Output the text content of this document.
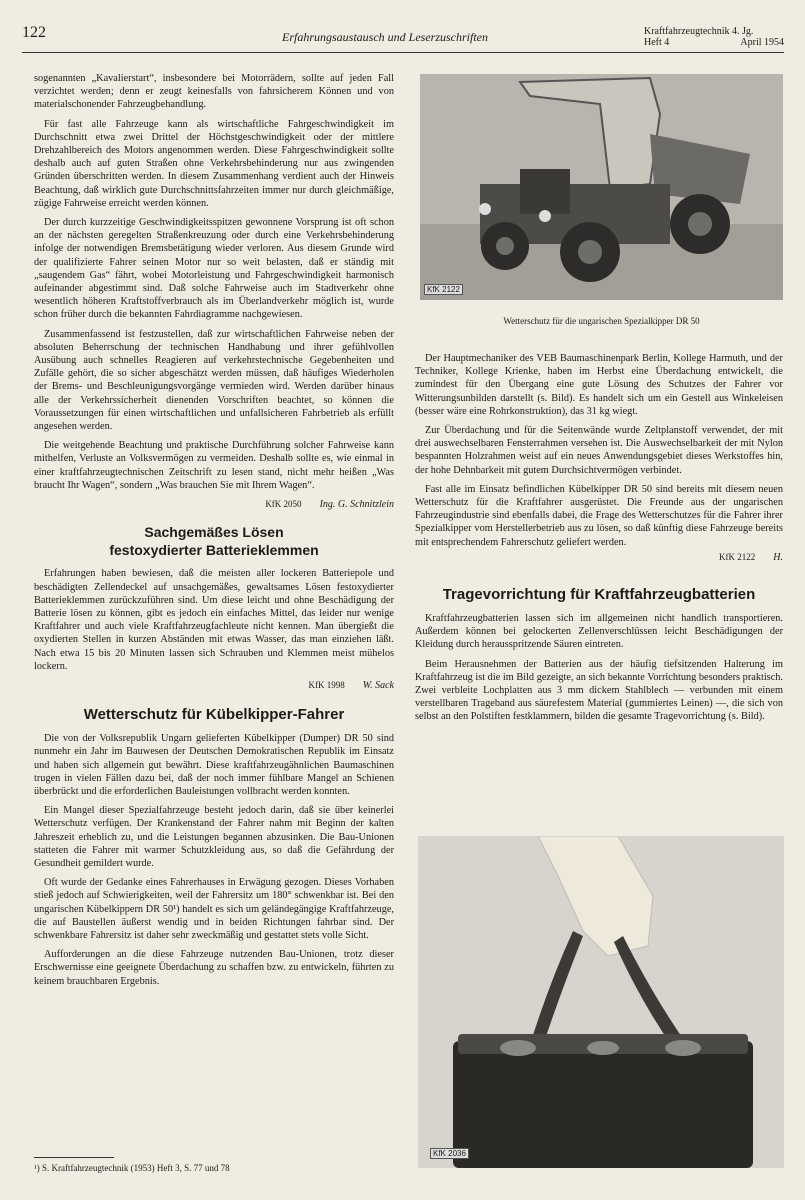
122	Erfahrungsaustausch und Leserzuschriften	Kraftfahrzeugtechnik 4. Jg.
Heft 4	April 1954

sogenannten „Kavalierstart“, insbesondere bei Motorrädern, sollte auf jeden Fall verzichtet werden; denn er zeugt keinesfalls von fahrsicherem Können und von materialschonender Fahrzeugbehandlung.

Für fast alle Fahrzeuge kann als wirtschaftliche Fahrgeschwindigkeit im Durchschnitt etwa zwei Drittel der Höchstgeschwindigkeit oder der mittlere Drehzahlbereich des Motors angenommen werden. Diese Fahrgeschwindigkeit sollte deshalb auch auf guten Straßen ohne Verkehrsbehinderung nur aus zwingenden Gründen überschritten werden. In diesem Zusammenhang verdient auch der Hinweis Beachtung, daß wirklich gute Durchschnittsfahrzeiten immer nur durch gleichmäßige, zügige Fahrweise erreicht werden können.

Der durch kurzzeitige Geschwindigkeitsspitzen gewonnene Vorsprung ist oft schon an der nächsten geregelten Straßenkreuzung oder durch eine Verkehrsbehinderung infolge der notwendigen Bremsbetätigung wieder verloren. Aus diesem Grunde wird der qualifizierte Fahrer seinen Motor nur so weit belasten, daß er ständig mit „saugendem Gas“ fährt, wobei Motorleistung und Fahrgeschwindigkeit harmonisch aufeinander abgestimmt sind. Daß solche Fahrweise auch im Stadtverkehr ohne wesentlich höheren Kraftstoffverbrauch als im Überlandverkehr möglich ist, wurde schon früher durch die bekannten Fahrdiagramme nachgewiesen.

Zusammenfassend ist festzustellen, daß zur wirtschaftlichen Fahrweise neben der absoluten Beherrschung der technischen Handhabung und ihrer gefühlvollen Ausübung auch schnelles Reagieren auf verkehrstechnische Gegebenheiten und Zufälle gehört, die so sicher abgeschätzt werden müssen, daß häufiges Wiederholen der Brems- und Beschleunigungsvorgänge vermieden wird. Werden darüber hinaus alle der Verkehrssicherheit dienenden Vorschriften beachtet, so können die Voraussetzungen für einen wirtschaftlichen und unfallsicheren Fahrbetrieb als erfüllt angesehen werden.

Die weitgehende Beachtung und praktische Durchführung solcher Fahrweise kann mithelfen, Verluste an Volksvermögen zu vermeiden. Deshalb sollte es, wie einmal in einer kraftfahrzeugtechnischen Zeitschrift zu lesen stand, nicht mehr heißen „Was braucht Ihr Wagen“, sondern „Was brauchen Sie mit Ihrem Wagen“.

KfK 2050 Ing. G. Schnitzlein
Sachgemäßes Lösen
festoxydierter Batterieklemmen

Erfahrungen haben bewiesen, daß die meisten aller lockeren Batteriepole und beschädigten Zellendeckel auf unsachgemäßes, gewaltsames Lösen festoxydierter Batterieklemmen zurückzuführen sind. Um diese leicht und ohne Beschädigung der Batterie lösen zu können, gibt es jedoch ein einfaches Mittel, das leider nur wenige Kraftfahrer und auch viele Kraftfahrzeugfachleute nicht kennen. Man übergießt die oxydierten Stellen in kurzen Abständen mit etwas Wasser, das man einziehen läßt. Nach etwa 15 bis 20 Minuten lassen sich Schrauben und Klemmen meist mühelos lockern.

KfK 1998 W. Sack
Wetterschutz für Kübelkipper-Fahrer

Die von der Volksrepublik Ungarn gelieferten Kübelkipper (Dumper) DR 50 sind nunmehr ein Jahr im Bauwesen der Deutschen Demokratischen Republik im Einsatz und haben sich allgemein gut bewährt. Diese kraftfahrzeugähnlichen Baumaschinen trugen in vielen Fällen dazu bei, daß der noch immer fühlbare Mangel an Schienen überbrückt und die erforderlichen Bauleistungen vollbracht werden konnten.

Ein Mangel dieser Spezialfahrzeuge besteht jedoch darin, daß sie über keinerlei Wetterschutz verfügen. Der Krankenstand der Fahrer nahm mit Beginn der kalten Jahreszeit erheblich zu, und die Leistungen begannen abzusinken. Die Bau-Unionen statteten die Fahrer mit warmer Schutzkleidung aus, so daß die Gefährdung der Gesundheit gemildert wurde.

Oft wurde der Gedanke eines Fahrerhauses in Erwägung gezogen. Dieses Vorhaben stieß jedoch auf Schwierigkeiten, weil der Fahrersitz um 180° schwenkbar ist. Bei den ungarischen Kübelkippern DR 50¹) handelt es sich um geländegängige Kraftfahrzeuge, die auf Baustellen äußerst wendig und in beiden Richtungen fahrbar sind. Der schwenkbare Fahrersitz ist daher sehr zweckmäßig und gestattet stets volle Sicht.

Aufforderungen an die diese Fahrzeuge nutzenden Bau-Unionen, trotz dieser Erschwernisse eine geeignete Überdachung zu schaffen bzw. zu entwickeln, führten zu keinem brauchbaren Ergebnis.

¹) S. Kraftfahrzeugtechnik (1953) Heft 3, S. 77 und 78
KfK 2122
Wetterschutz für die ungarischen Spezialkipper DR 50

Der Hauptmechaniker des VEB Baumaschinenpark Berlin, Kollege Harmuth, und der Techniker, Kollege Krienke, haben im Herbst eine Überdachung entwickelt, die zumindest für den Übergang eine gute Lösung des Schutzes der Fahrer vor Witterungsunbilden darstellt (s. Bild). Es handelt sich um ein Gestell aus Winkeleisen (besser wäre eine Rohrkonstruktion), das 31 kg wiegt.

Zur Überdachung und für die Seitenwände wurde Zeltplanstoff verwendet, der mit drei auswechselbaren Fensterrahmen versehen ist. Die Auswechselbarkeit der mit Nylon bespannten Holzrahmen weist auf ein neues Anwendungsgebiet dieses Werkstoffes hin, der hohe Dehnbarkeit mit gutem Durchsichtvermögen verbindet.

Fast alle im Einsatz befindlichen Kübelkipper DR 50 sind bereits mit diesem neuen Wetterschutz für die Kraftfahrer ausgerüstet. Die Freunde aus der ungarischen Fahrzeugindustrie sind ebenfalls dabei, die Frage des Wetterschutzes für die Fahrer ihrer Spezialkipper vom Herstellerbetrieb aus zu lösen, so daß künftig diese Fahrzeuge bereits mit entsprechendem Fahrerschutz geliefert werden.

KfK 2122 H.
Tragevorrichtung für Kraftfahrzeugbatterien

Kraftfahrzeugbatterien lassen sich im allgemeinen nicht handlich transportieren. Außerdem können bei gelockerten Zellenverschlüssen leicht Beschädigungen der Kleidung durch herausspritzende Säuren eintreten.

Beim Herausnehmen der Batterien aus der häufig tiefsitzenden Halterung im Kraftfahrzeug ist die im Bild gezeigte, an sich bekannte Vorrichtung besonders praktisch. Zwei verbleite Lochplatten aus 3 mm dickem Stahlblech — verbunden mit einem verstellbaren Trageband aus säurefestem Material (gummiertes Leinen) —, die sich von selbst an den Polstiften festklammern, bilden die gesamte Tragevorrichtung (s. Bild).

KfK 2036
